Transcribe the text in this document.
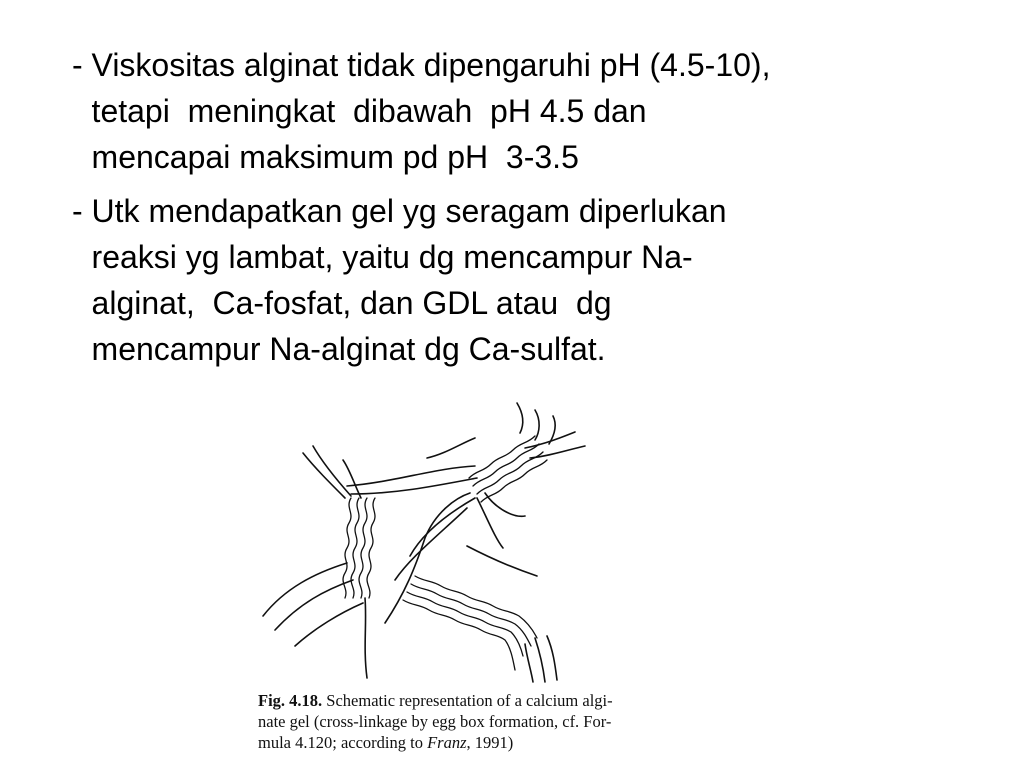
- Viskositas alginat tidak dipengaruhi pH (4.5-10),
tetapi  meningkat  dibawah  pH 4.5 dan
mencapai maksimum pd pH  3-3.5
- Utk mendapatkan gel yg seragam diperlukan
reaksi yg lambat, yaitu dg mencampur Na-
alginat,  Ca-fosfat, dan GDL atau  dg
mencampur Na-alginat dg Ca-sulfat.
Fig. 4.18. Schematic representation of a calcium algi-
nate gel (cross-linkage by egg box formation, cf. For-
mula 4.120; according to Franz, 1991)
